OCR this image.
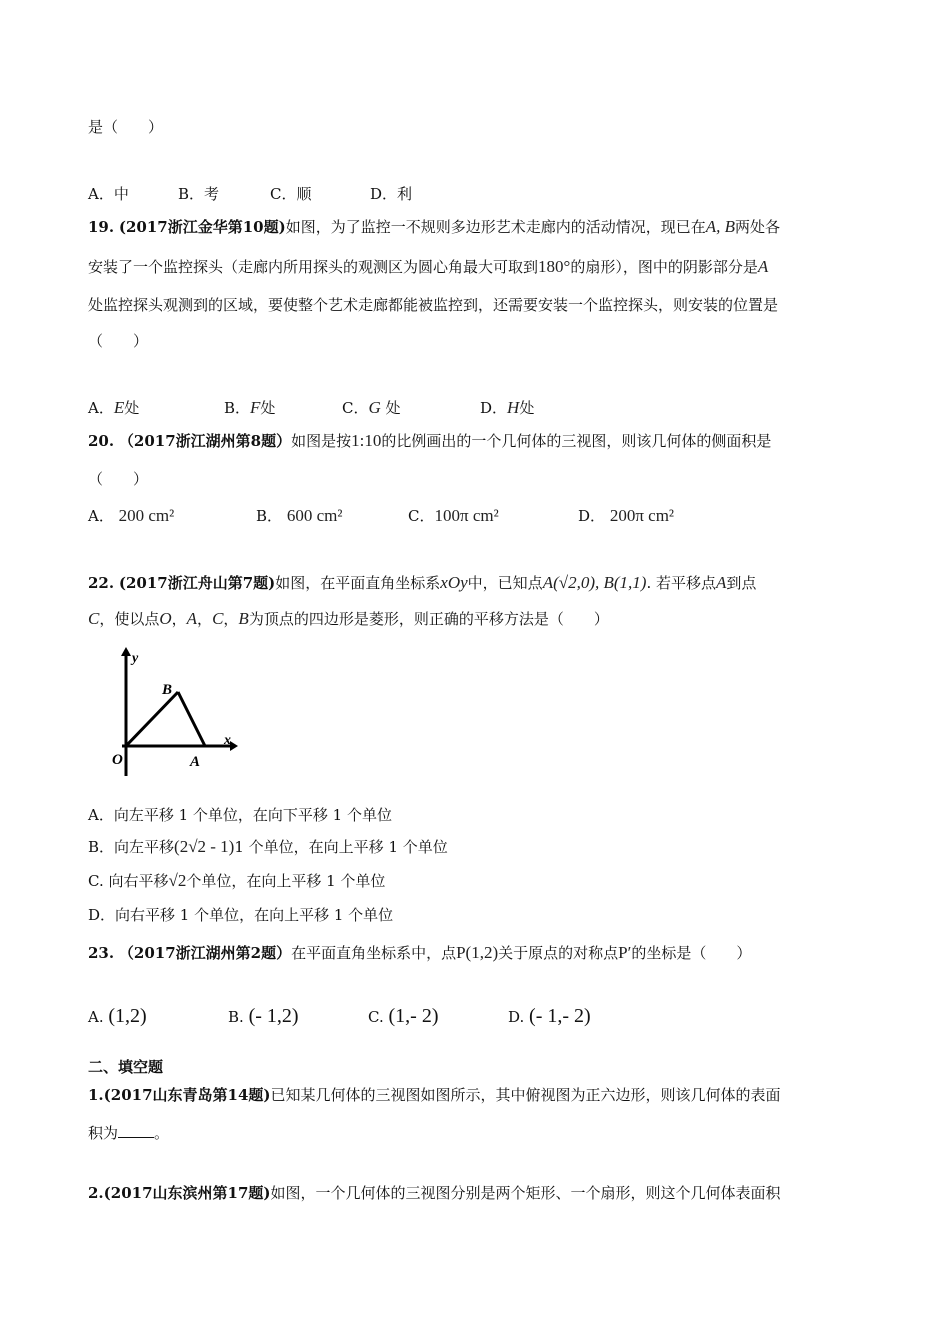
是（　　）
A．中	B．考	C．顺	D．利
19. (2017浙江金华第10题)如图，为了监控一不规则多边形艺术走廊内的活动情况，现已在A, B两处各
安装了一个监控探头（走廊内所用探头的观测区为圆心角最大可取到180°的扇形），图中的阴影部分是A
处监控探头观测到的区域，要使整个艺术走廊都能被监控到，还需要安装一个监控探头，则安装的位置是
（　　）
A．E处	B．F处	C．G 处	D．H处
20. （2017浙江湖州第8题）如图是按1:10的比例画出的一个几何体的三视图，则该几何体的侧面积是
（　　）
A． 200 cm²	B． 600 cm²	C．100π cm²	D． 200π cm²
22. (2017浙江舟山第7题)如图，在平面直角坐标系xOy中，已知点A(√2,0), B(1,1). 若平移点A到点
C，使以点O，A，C，B为顶点的四边形是菱形，则正确的平移方法是（　　）
y
x
O	A
B
A．向左平移 1 个单位，在向下平移 1 个单位
B．向左平移(2√2 - 1)1 个单位，在向上平移 1 个单位
C. 向右平移√2个单位，在向上平移 1 个单位
D．向右平移 1 个单位，在向上平移 1 个单位
23. （2017浙江湖州第2题）在平面直角坐标系中，点P(1,2)关于原点的对称点P′的坐标是（　　）
A. (1,2)	B. (- 1,2)	C. (1,- 2)	D. (- 1,- 2)
二、填空题
1.(2017山东青岛第14题)已知某几何体的三视图如图所示，其中俯视图为正六边形，则该几何体的表面
积为 。
2.(2017山东滨州第17题)如图，一个几何体的三视图分别是两个矩形、一个扇形，则这个几何体表面积
